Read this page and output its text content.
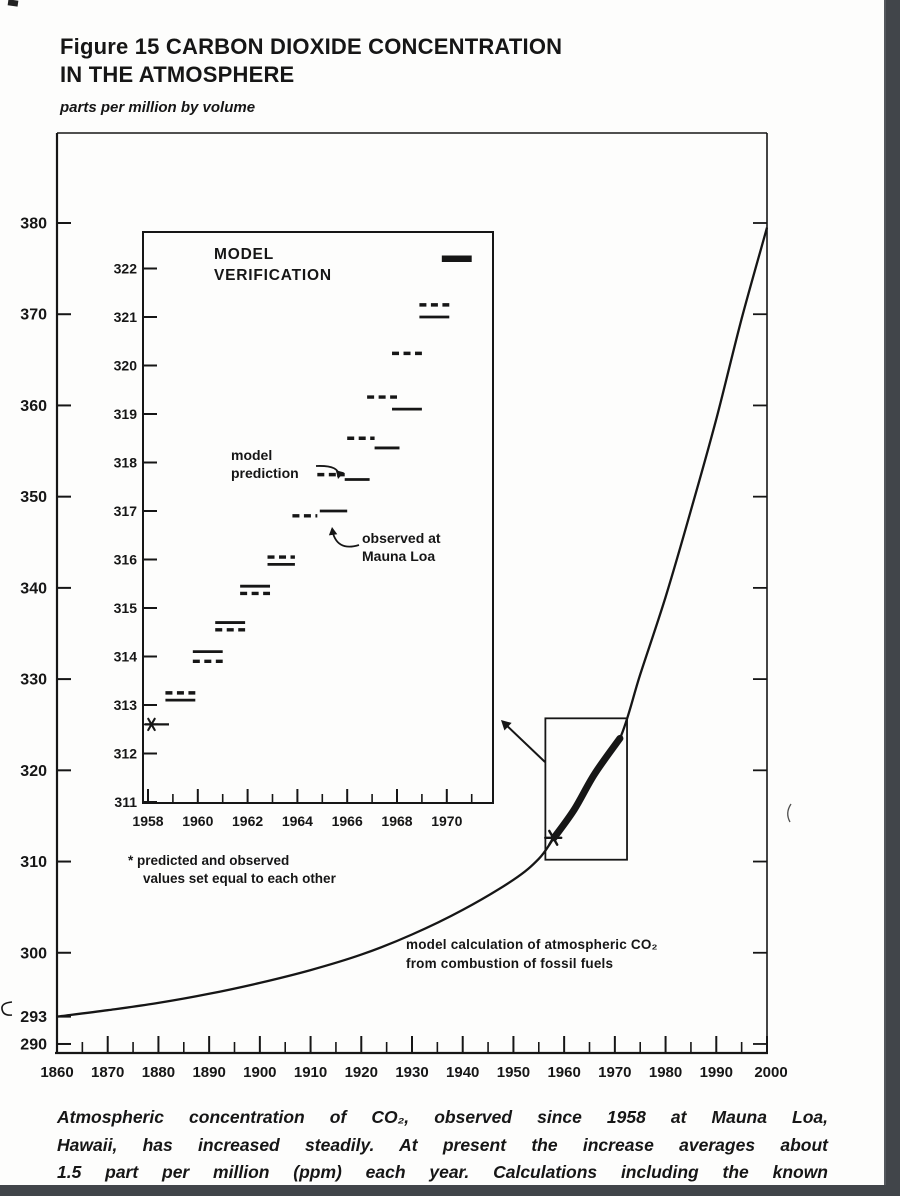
Figure 15 CARBON DIOXIDE CONCENTRATION
IN THE ATMOSPHERE
parts per million by volume
380
370
360
350
340
330
320
310
300
293
290
1860 1870 1880 1890 1900 1910 1920 1930 1940 1950 1960 1970 1980 1990 2000
322
321
320
319
318
317
316
315
314
313
312
311
1958 1960 1962 1964 1966 1968 1970
MODEL
VERIFICATION
model
prediction
observed at
Mauna Loa
* predicted and observed
values set equal to each other
model calculation of atmospheric CO₂
from combustion of fossil fuels
Atmospheric concentration of CO₂, observed since 1958 at Mauna Loa,
Hawaii, has increased steadily. At present the increase averages about
1.5 part per million (ppm) each year. Calculations including the known
